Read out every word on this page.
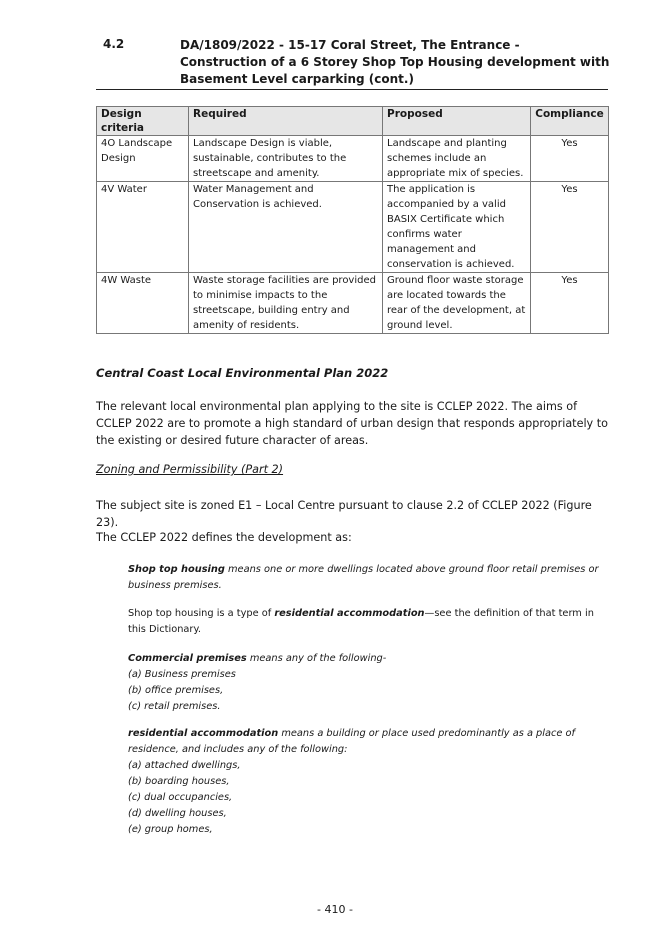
4.2	DA/1809/2022 - 15-17 Coral Street, The Entrance - Construction of a 6 Storey Shop Top Housing development with Basement Level carparking (cont.)
Design criteria	Required	Proposed	Compliance
4O Landscape Design	Landscape Design is viable, sustainable, contributes to the streetscape and amenity.	Landscape and planting schemes include an appropriate mix of species.	Yes
4V Water	Water Management and Conservation is achieved.	The application is accompanied by a valid BASIX Certificate which confirms water management and conservation is achieved.	Yes
4W Waste	Waste storage facilities are provided to minimise impacts to the streetscape, building entry and amenity of residents.	Ground floor waste storage are located towards the rear of the development, at ground level.	Yes
Central Coast Local Environmental Plan 2022
The relevant local environmental plan applying to the site is CCLEP 2022. The aims of CCLEP 2022 are to promote a high standard of urban design that responds appropriately to the existing or desired future character of areas.
Zoning and Permissibility (Part 2)
The subject site is zoned E1 – Local Centre pursuant to clause 2.2 of CCLEP 2022 (Figure 23).
The CCLEP 2022 defines the development as:
Shop top housing means one or more dwellings located above ground floor retail premises or business premises.
Shop top housing is a type of residential accommodation—see the definition of that term in this Dictionary.
Commercial premises means any of the following-
(a) Business premises
(b) office premises,
(c) retail premises.
residential accommodation means a building or place used predominantly as a place of residence, and includes any of the following:
(a) attached dwellings,
(b) boarding houses,
(c) dual occupancies,
(d) dwelling houses,
(e) group homes,
- 410 -
